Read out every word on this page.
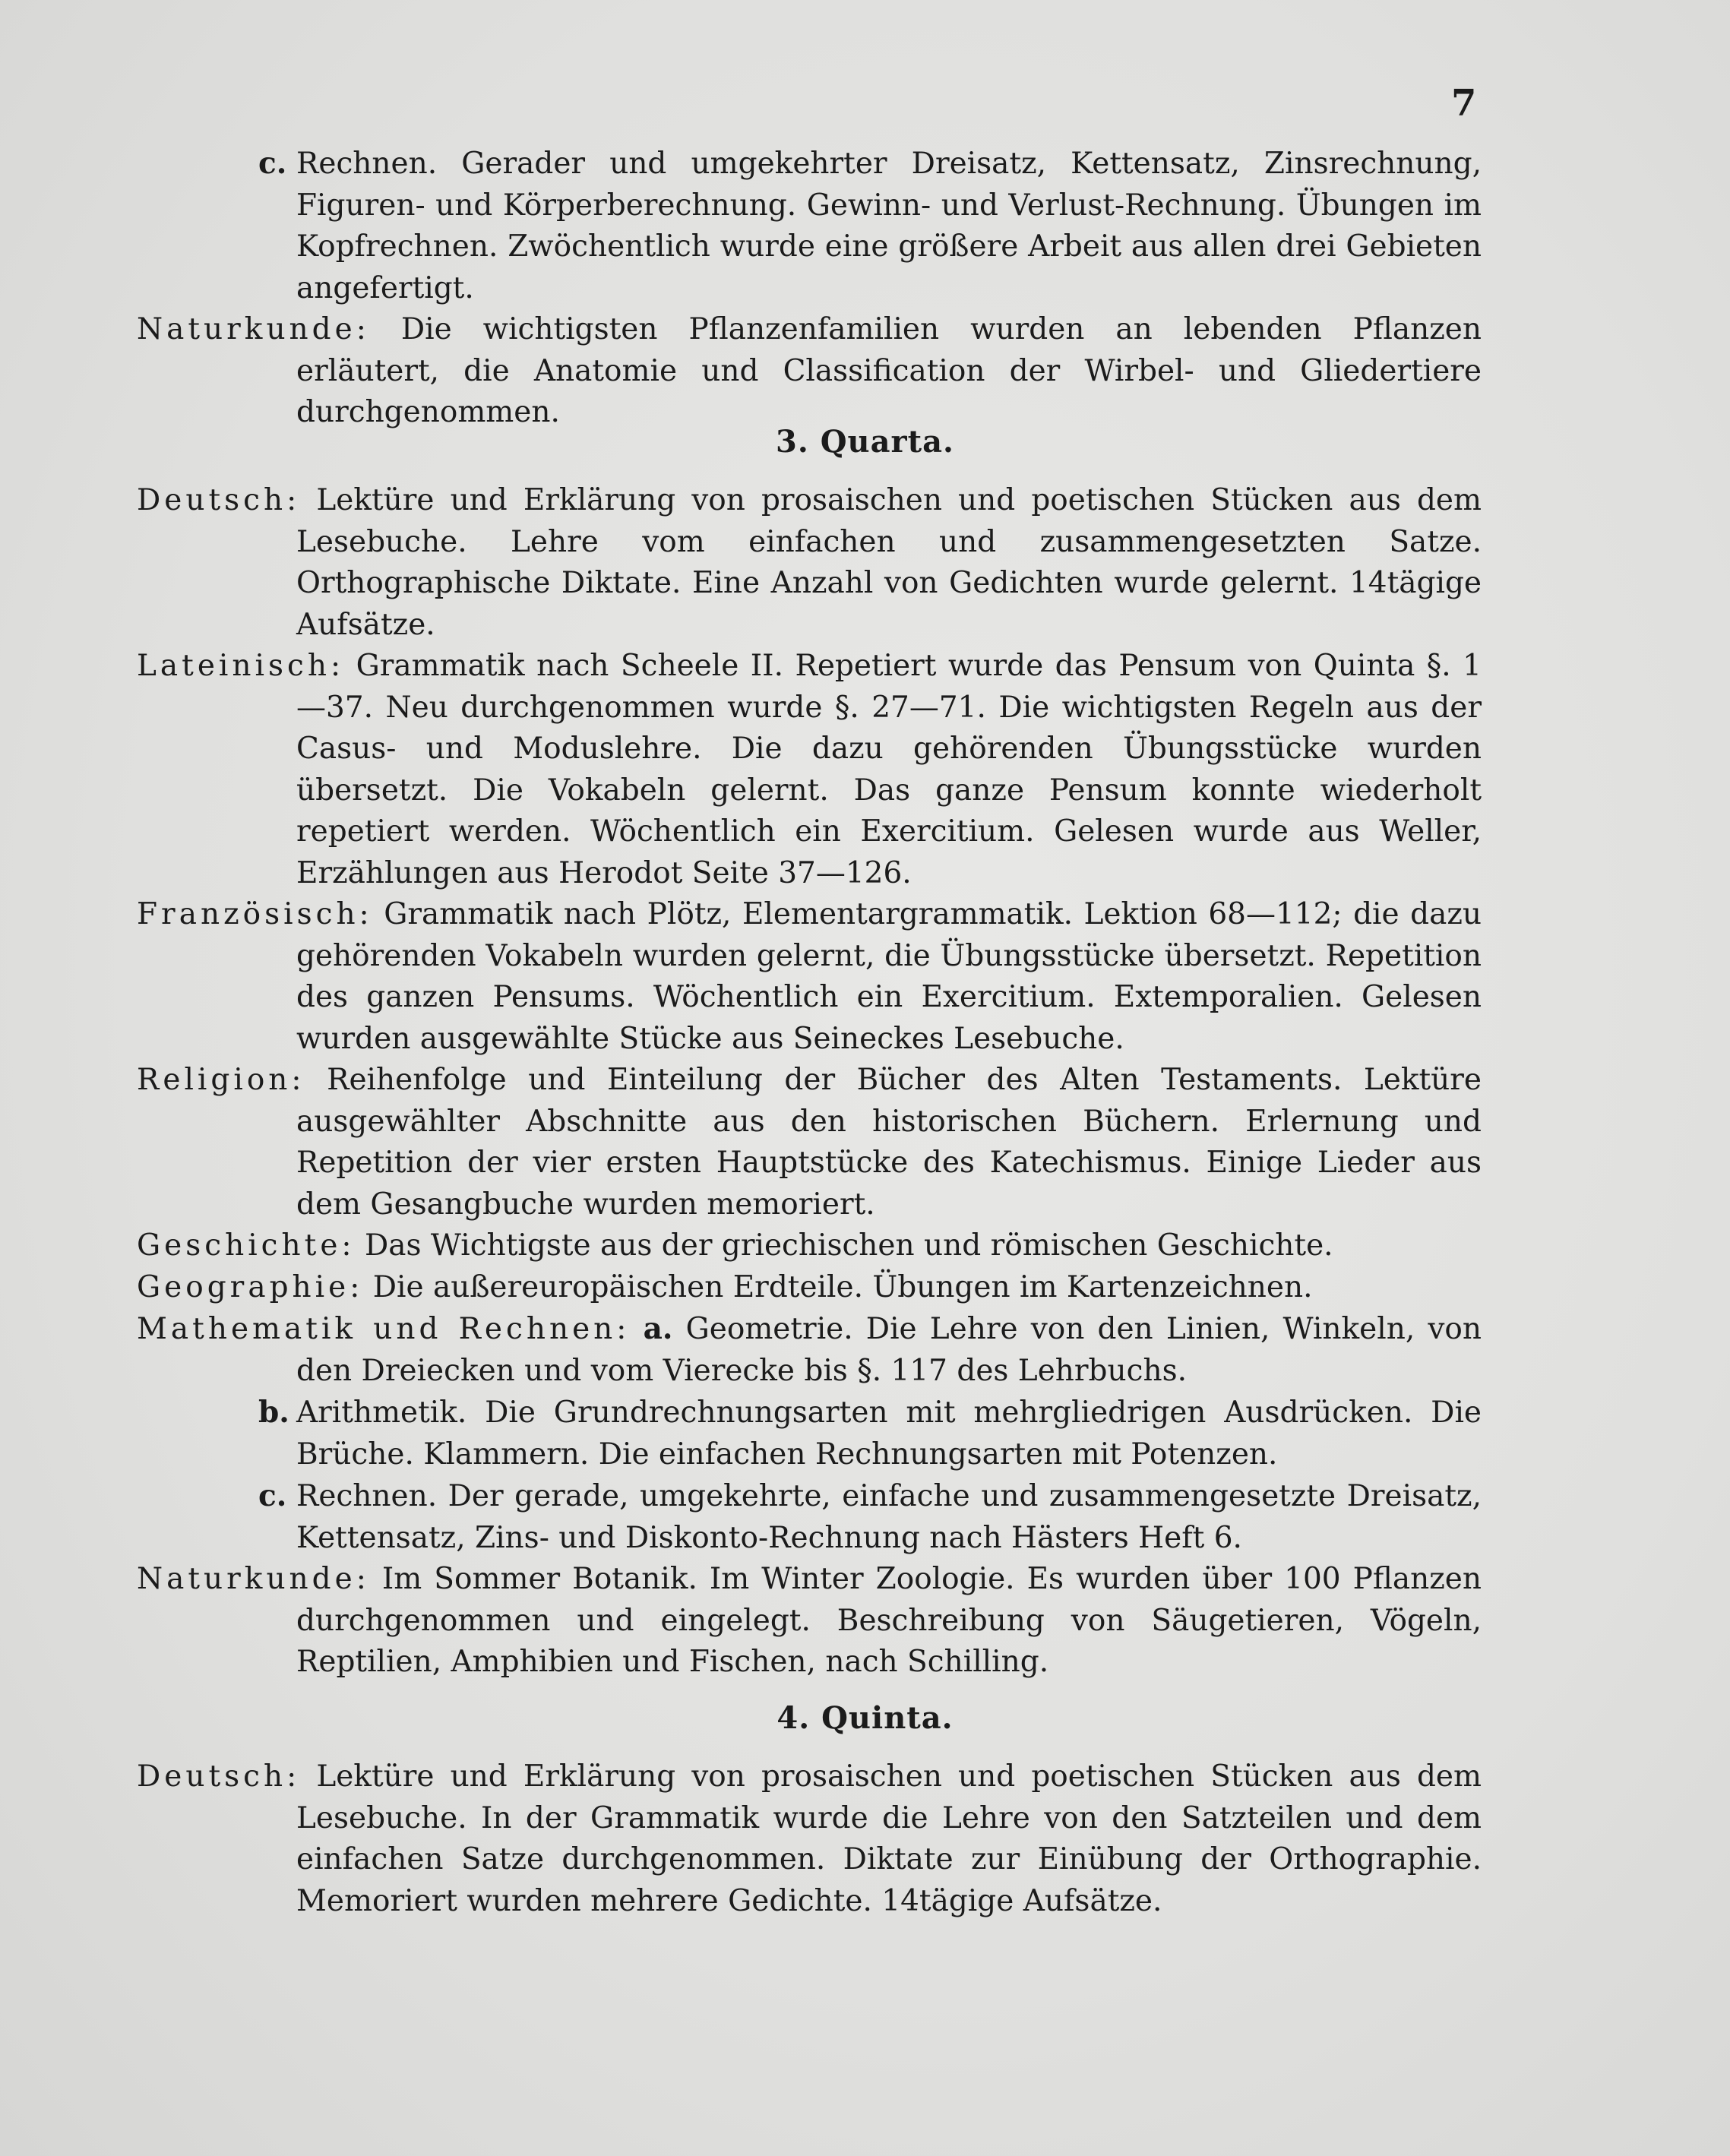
7

c. Rechnen. Gerader und umgekehrter Dreisatz, Kettensatz, Zinsrechnung, Figuren- und Körperberechnung. Gewinn- und Verlust-Rechnung. Übungen im Kopfrechnen. Zwöchentlich wurde eine größere Arbeit aus allen drei Gebieten angefertigt.

Naturkunde: Die wichtigsten Pflanzenfamilien wurden an lebenden Pflanzen erläutert, die Anatomie und Classification der Wirbel- und Gliedertiere durchgenommen.

3. Quarta.

Deutsch: Lektüre und Erklärung von prosaischen und poetischen Stücken aus dem Lesebuche. Lehre vom einfachen und zusammengesetzten Satze. Orthographische Diktate. Eine Anzahl von Gedichten wurde gelernt. 14tägige Aufsätze.

Lateinisch: Grammatik nach Scheele II. Repetiert wurde das Pensum von Quinta §. 1—37. Neu durchgenommen wurde §. 27—71. Die wichtigsten Regeln aus der Casus- und Moduslehre. Die dazu gehörenden Übungsstücke wurden übersetzt. Die Vokabeln gelernt. Das ganze Pensum konnte wiederholt repetiert werden. Wöchentlich ein Exercitium. Gelesen wurde aus Weller, Erzählungen aus Herodot Seite 37—126.

Französisch: Grammatik nach Plötz, Elementargrammatik. Lektion 68—112; die dazu gehörenden Vokabeln wurden gelernt, die Übungsstücke übersetzt. Repetition des ganzen Pensums. Wöchentlich ein Exercitium. Extemporalien. Gelesen wurden ausgewählte Stücke aus Seineckes Lesebuche.

Religion: Reihenfolge und Einteilung der Bücher des Alten Testaments. Lektüre ausgewählter Abschnitte aus den historischen Büchern. Erlernung und Repetition der vier ersten Hauptstücke des Katechismus. Einige Lieder aus dem Gesangbuche wurden memoriert.

Geschichte: Das Wichtigste aus der griechischen und römischen Geschichte.

Geographie: Die außereuropäischen Erdteile. Übungen im Kartenzeichnen.

Mathematik und Rechnen: a. Geometrie. Die Lehre von den Linien, Winkeln, von den Dreiecken und vom Vierecke bis §. 117 des Lehrbuchs.

b. Arithmetik. Die Grundrechnungsarten mit mehrgliedrigen Ausdrücken. Die Brüche. Klammern. Die einfachen Rechnungsarten mit Potenzen.

c. Rechnen. Der gerade, umgekehrte, einfache und zusammengesetzte Dreisatz, Kettensatz, Zins- und Diskonto-Rechnung nach Hästers Heft 6.

Naturkunde: Im Sommer Botanik. Im Winter Zoologie. Es wurden über 100 Pflanzen durchgenommen und eingelegt. Beschreibung von Säugetieren, Vögeln, Reptilien, Amphibien und Fischen, nach Schilling.

4. Quinta.

Deutsch: Lektüre und Erklärung von prosaischen und poetischen Stücken aus dem Lesebuche. In der Grammatik wurde die Lehre von den Satzteilen und dem einfachen Satze durchgenommen. Diktate zur Einübung der Orthographie. Memoriert wurden mehrere Gedichte. 14tägige Aufsätze.
